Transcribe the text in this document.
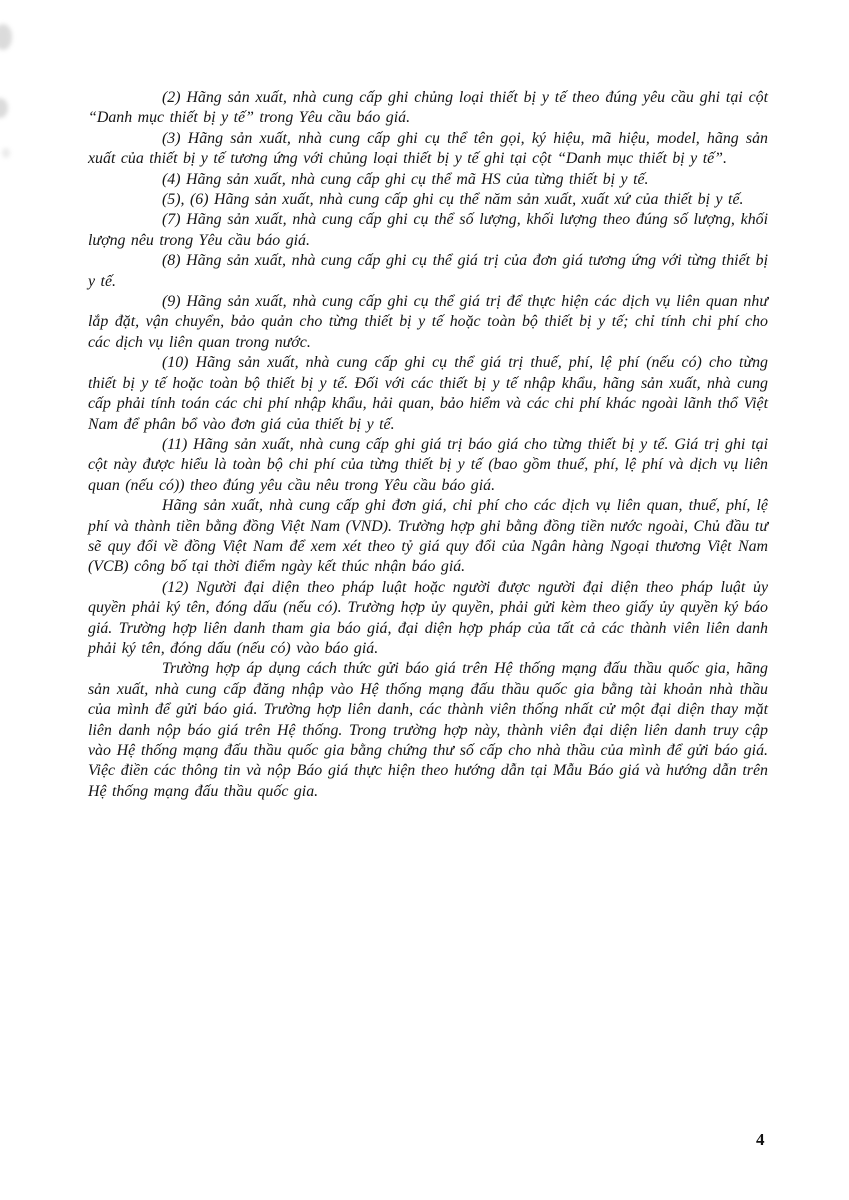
(2) Hãng sản xuất, nhà cung cấp ghi chủng loại thiết bị y tế theo đúng yêu cầu ghi tại cột “Danh mục thiết bị y tế” trong Yêu cầu báo giá.

(3) Hãng sản xuất, nhà cung cấp ghi cụ thể tên gọi, ký hiệu, mã hiệu, model, hãng sản xuất của thiết bị y tế tương ứng với chủng loại thiết bị y tế ghi tại cột “Danh mục thiết bị y tế”.

(4) Hãng sản xuất, nhà cung cấp ghi cụ thể mã HS của từng thiết bị y tế.

(5), (6) Hãng sản xuất, nhà cung cấp ghi cụ thể năm sản xuất, xuất xứ của thiết bị y tế.

(7) Hãng sản xuất, nhà cung cấp ghi cụ thể số lượng, khối lượng theo đúng số lượng, khối lượng nêu trong Yêu cầu báo giá.

(8) Hãng sản xuất, nhà cung cấp ghi cụ thể giá trị của đơn giá tương ứng với từng thiết bị y tế.

(9) Hãng sản xuất, nhà cung cấp ghi cụ thể giá trị để thực hiện các dịch vụ liên quan như lắp đặt, vận chuyển, bảo quản cho từng thiết bị y tế hoặc toàn bộ thiết bị y tế; chỉ tính chi phí cho các dịch vụ liên quan trong nước.

(10) Hãng sản xuất, nhà cung cấp ghi cụ thể giá trị thuế, phí, lệ phí (nếu có) cho từng thiết bị y tế hoặc toàn bộ thiết bị y tế. Đối với các thiết bị y tế nhập khẩu, hãng sản xuất, nhà cung cấp phải tính toán các chi phí nhập khẩu, hải quan, bảo hiểm và các chi phí khác ngoài lãnh thổ Việt Nam để phân bổ vào đơn giá của thiết bị y tế.

(11) Hãng sản xuất, nhà cung cấp ghi giá trị báo giá cho từng thiết bị y tế. Giá trị ghi tại cột này được hiểu là toàn bộ chi phí của từng thiết bị y tế (bao gồm thuế, phí, lệ phí và dịch vụ liên quan (nếu có)) theo đúng yêu cầu nêu trong Yêu cầu báo giá.

Hãng sản xuất, nhà cung cấp ghi đơn giá, chi phí cho các dịch vụ liên quan, thuế, phí, lệ phí và thành tiền bằng đồng Việt Nam (VND). Trường hợp ghi bằng đồng tiền nước ngoài, Chủ đầu tư sẽ quy đổi về đồng Việt Nam để xem xét theo tỷ giá quy đổi của Ngân hàng Ngoại thương Việt Nam (VCB) công bố tại thời điểm ngày kết thúc nhận báo giá.

(12) Người đại diện theo pháp luật hoặc người được người đại diện theo pháp luật ủy quyền phải ký tên, đóng dấu (nếu có). Trường hợp ủy quyền, phải gửi kèm theo giấy ủy quyền ký báo giá. Trường hợp liên danh tham gia báo giá, đại diện hợp pháp của tất cả các thành viên liên danh phải ký tên, đóng dấu (nếu có) vào báo giá.

Trường hợp áp dụng cách thức gửi báo giá trên Hệ thống mạng đấu thầu quốc gia, hãng sản xuất, nhà cung cấp đăng nhập vào Hệ thống mạng đấu thầu quốc gia bằng tài khoản nhà thầu của mình để gửi báo giá. Trường hợp liên danh, các thành viên thống nhất cử một đại diện thay mặt liên danh nộp báo giá trên Hệ thống. Trong trường hợp này, thành viên đại diện liên danh truy cập vào Hệ thống mạng đấu thầu quốc gia bằng chứng thư số cấp cho nhà thầu của mình để gửi báo giá. Việc điền các thông tin và nộp Báo giá thực hiện theo hướng dẫn tại Mẫu Báo giá và hướng dẫn trên Hệ thống mạng đấu thầu quốc gia.

4
